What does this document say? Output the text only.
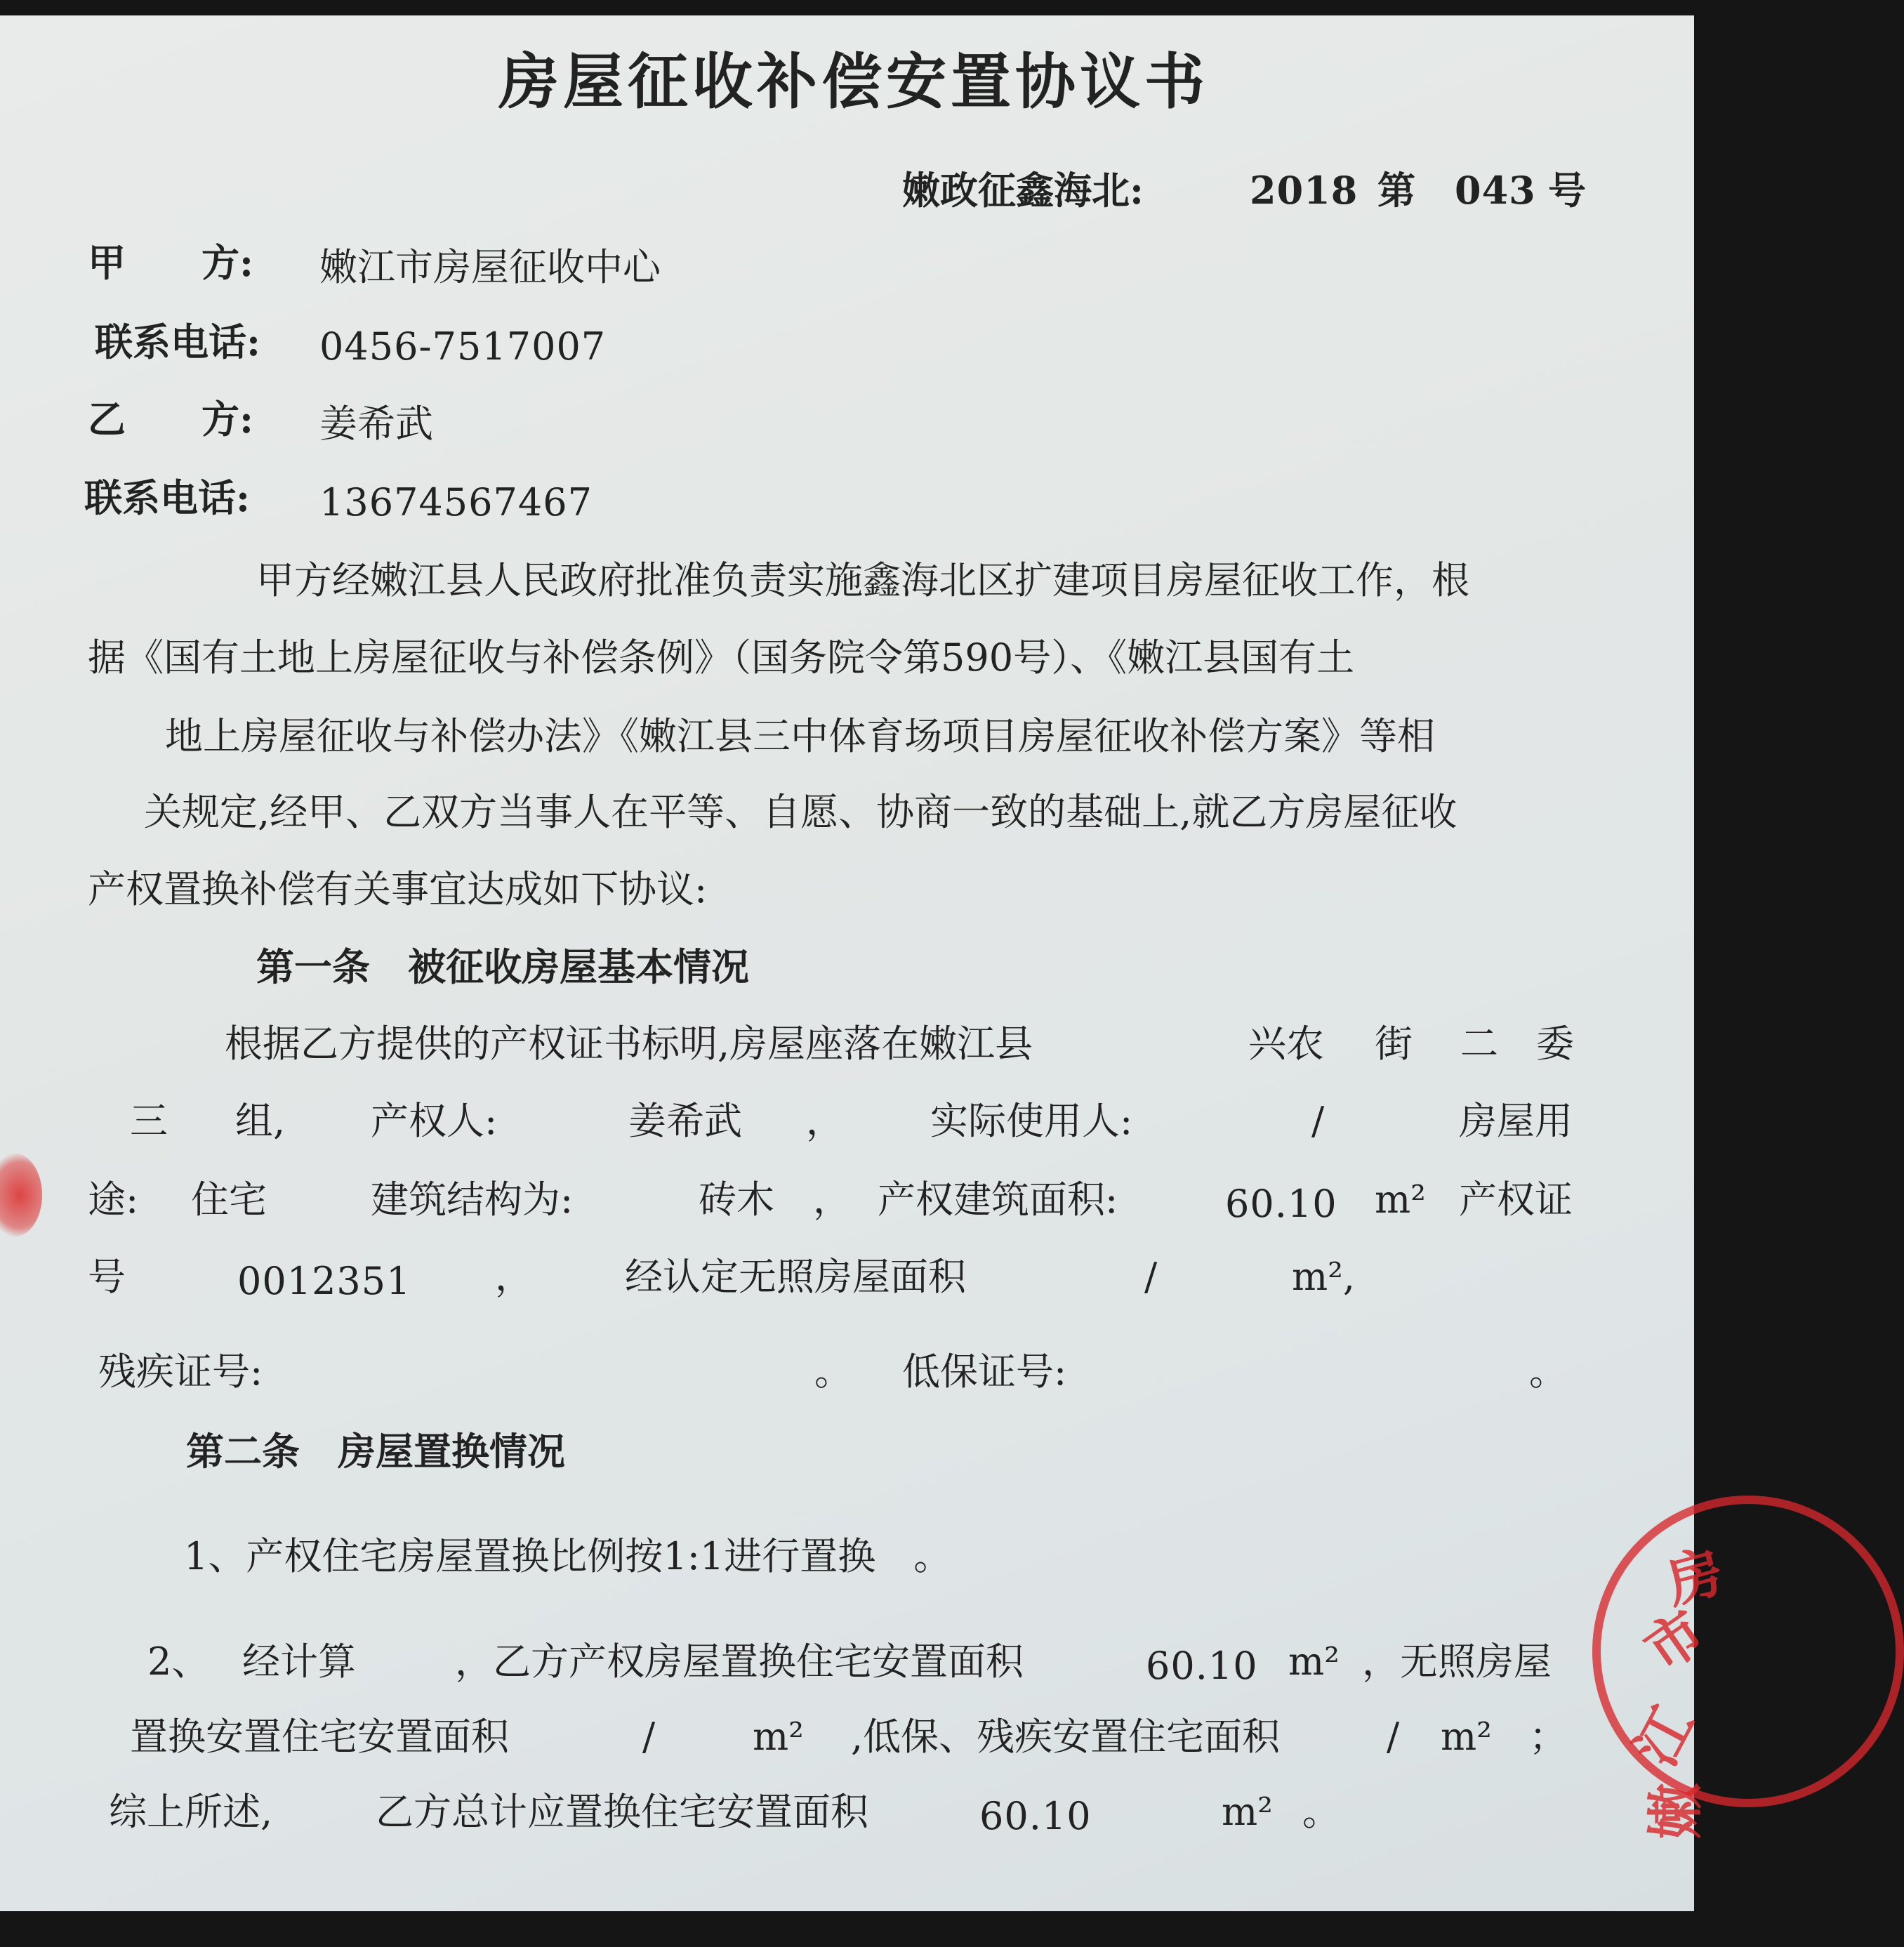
房屋征收补偿安置协议书
嫩政征鑫海北:	2018 第 043 号
甲　　方: 嫩江市房屋征收中心
联系电话: 0456-7517007
乙　　方: 姜希武
联系电话: 13674567467
甲方经嫩江县人民政府批准负责实施鑫海北区扩建项目房屋征收工作，根
据《国有土地上房屋征收与补偿条例》（国务院令第590号）、《嫩江县国有土
地上房屋征收与补偿办法》《嫩江县三中体育场项目房屋征收补偿方案》等相
关规定,经甲、乙双方当事人在平等、自愿、协商一致的基础上,就乙方房屋征收
产权置换补偿有关事宜达成如下协议:
第一条　被征收房屋基本情况
根据乙方提供的产权证书标明,房屋座落在嫩江县	兴农 街 二　委
三 组, 产权人:	姜希武 ， 实际使用人:	/	房屋用
途: 住宅	建筑结构为:	砖木 ， 产权建筑面积:	60.10 m² 产权证
号	0012351 ， 经认定无照房屋面积	/	m²,
残疾证号:	。 低保证号:	。
第二条　房屋置换情况
1、产权住宅房屋置换比例按1:1进行置换　。
2、 经计算	，乙方产权房屋置换住宅安置面积	60.10 m² ，无照房屋
置换安置住宅安置面积	/	m² ,低保、残疾安置住宅面积	/ m² ；
综上所述,	乙方总计应置换住宅安置面积	60.10	m² 。
江
市
房
嫩
